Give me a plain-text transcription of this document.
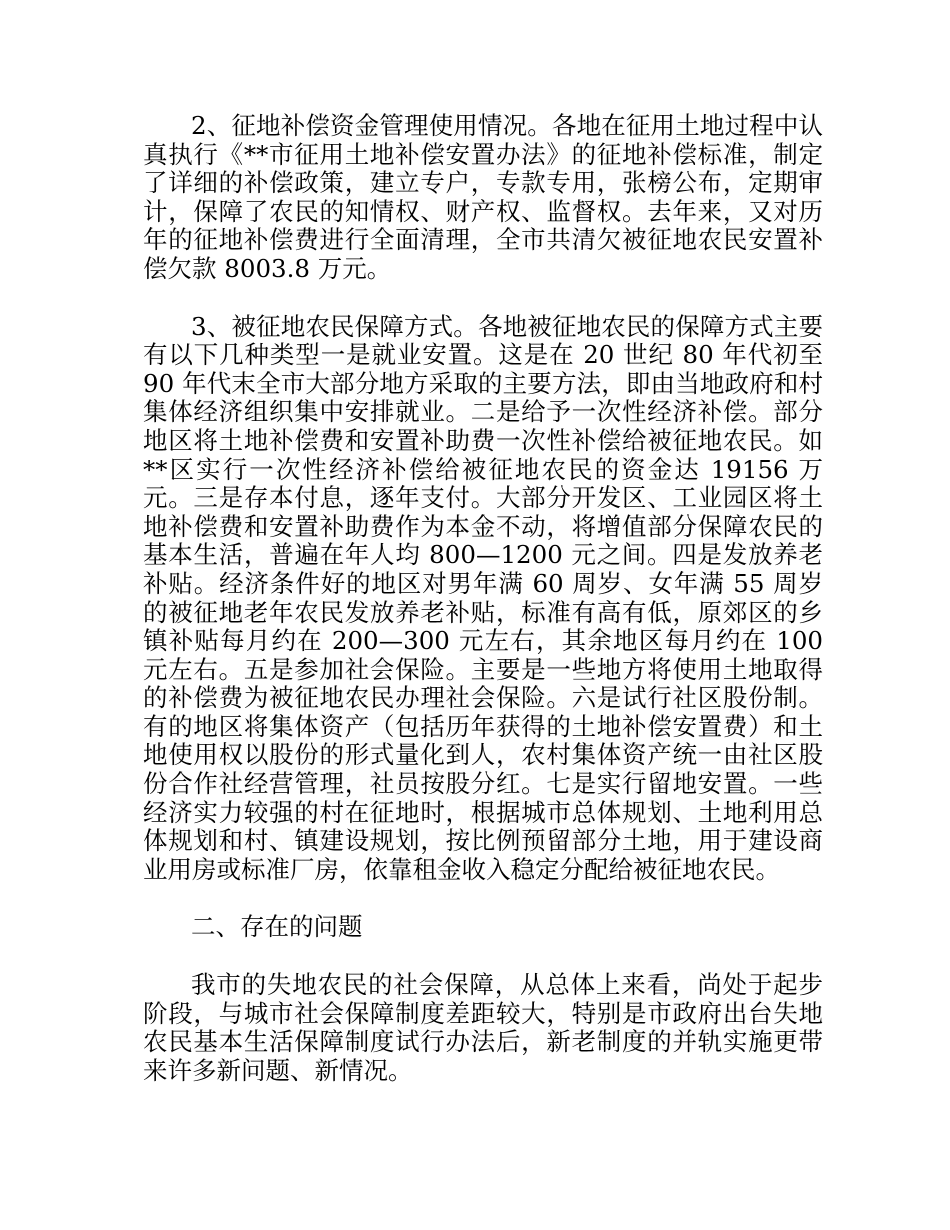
2、征地补偿资金管理使用情况。各地在征用土地过程中认真执行《**市征用土地补偿安置办法》的征地补偿标准，制定了详细的补偿政策，建立专户，专款专用，张榜公布，定期审计，保障了农民的知情权、财产权、监督权。去年来，又对历年的征地补偿费进行全面清理，全市共清欠被征地农民安置补偿欠款 8003.8 万元。

3、被征地农民保障方式。各地被征地农民的保障方式主要有以下几种类型一是就业安置。这是在 20 世纪 80 年代初至 90 年代末全市大部分地方采取的主要方法，即由当地政府和村集体经济组织集中安排就业。二是给予一次性经济补偿。部分地区将土地补偿费和安置补助费一次性补偿给被征地农民。如**区实行一次性经济补偿给被征地农民的资金达 19156 万元。三是存本付息，逐年支付。大部分开发区、工业园区将土地补偿费和安置补助费作为本金不动，将增值部分保障农民的基本生活，普遍在年人均 800—1200 元之间。四是发放养老补贴。经济条件好的地区对男年满 60 周岁、女年满 55 周岁的被征地老年农民发放养老补贴，标准有高有低，原郊区的乡镇补贴每月约在 200—300 元左右，其余地区每月约在 100 元左右。五是参加社会保险。主要是一些地方将使用土地取得的补偿费为被征地农民办理社会保险。六是试行社区股份制。有的地区将集体资产（包括历年获得的土地补偿安置费）和土地使用权以股份的形式量化到人，农村集体资产统一由社区股份合作社经营管理，社员按股分红。七是实行留地安置。一些经济实力较强的村在征地时，根据城市总体规划、土地利用总体规划和村、镇建设规划，按比例预留部分土地，用于建设商业用房或标准厂房，依靠租金收入稳定分配给被征地农民。

二、存在的问题

我市的失地农民的社会保障，从总体上来看，尚处于起步阶段，与城市社会保障制度差距较大，特别是市政府出台失地农民基本生活保障制度试行办法后，新老制度的并轨实施更带来许多新问题、新情况。
